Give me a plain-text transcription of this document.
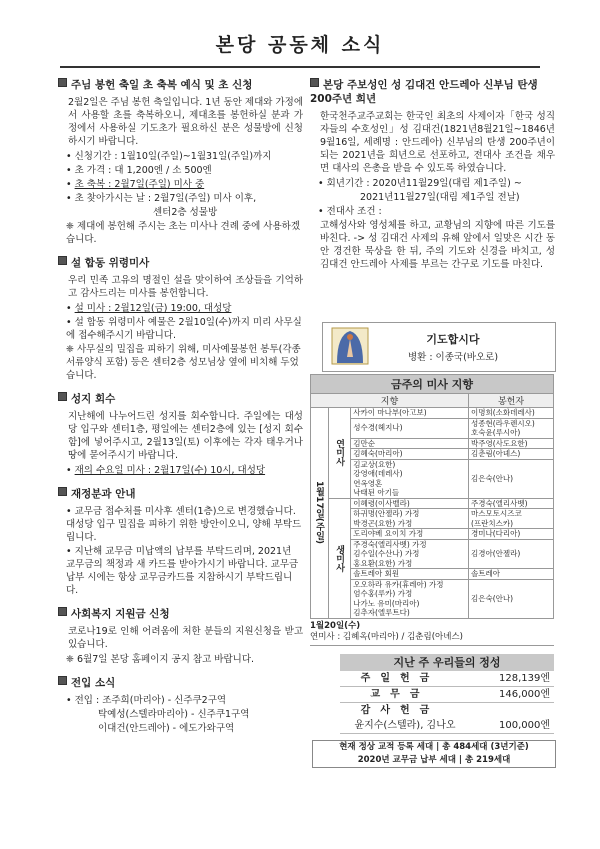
본당 공동체 소식
주님 봉헌 축일 초 축복 예식 및 초 신청
2월2일은 주님 봉헌 축일입니다. 1년 동안 제대와 가정에서 사용할 초를 축복하오니, 제대초를 봉헌하실 분과 가정에서 사용하실 기도초가 필요하신 분은 성물방에 신청하시기 바랍니다.
• 신청기간 : 1월10일(주일)~1월31일(주일)까지
• 초 가격 : 대 1,200엔 / 소 500엔
• 초 축복 : 2월7일(주일) 미사 중
• 초 찾아가시는 날 : 2월7일(주일) 미사 이후,
센터2층 성물방
❈ 제대에 봉헌해 주시는 초는 미사나 견례 중에 사용하겠습니다.
설 합동 위령미사
우리 민족 고유의 명절인 설을 맞이하여 조상들을 기억하고 감사드리는 미사를 봉헌합니다.
• 설 미사 : 2월12일(금) 19:00, 대성당
• 설 합동 위령미사 예물은 2월10일(수)까지 미리 사무실에 접수해주시기 바랍니다.
❈ 사무실의 밀집을 피하기 위해, 미사예물봉헌 봉투(각종 서류양식 포함) 등은 센터2층 성모님상 옆에 비치해 두었습니다.
성지 회수
지난해에 나누어드린 성지를 회수합니다. 주일에는 대성당 입구와 센터1층, 평일에는 센터2층에 있는 [성지 회수함]에 넣어주시고, 2월13일(토) 이후에는 각자 태우거나 땅에 묻어주시기 바랍니다.
• 재의 수요일 미사 : 2월17일(수) 10시, 대성당
재정분과 안내
• 교무금 접수처를 미사후 센터(1층)으로 변경했습니다. 대성당 입구 밀집을 피하기 위한 방안이오니, 양해 부탁드립니다.
• 지난해 교무금 미납액의 납부를 부탁드리며, 2021년 교무금의 책정과 새 카드를 받아가시기 바랍니다. 교무금 납부 시에는 항상 교무금카드를 지참하시기 부탁드립니다.
사회복지 지원금 신청
코로나19로 인해 어려움에 처한 분들의 지원신청을 받고 있습니다.
❈ 6월7일 본당 홈페이지 공지 참고 바랍니다.
전입 소식
• 전입 : 조주희(마리아) - 신주쿠2구역
탁예성(스텔라마리아) - 신주쿠1구역
이대건(안드레아) - 에도가와구역
본당 주보성인 성 김대건 안드레아 신부님 탄생 200주년 희년
한국천주교주교회는 한국인 최초의 사제이자「한국 성직자들의 수호성인」성 김대건(1821년8월21일~1846년9월16일, 세례명 : 안드레아) 신부님의 탄생 200주년이 되는 2021년을 희년으로 선포하고, 전대사 조건을 채우면 대사의 은총을 받을 수 있도록 하였습니다.
• 회년기간 : 2020년11월29일(대림 제1주일) ~
2021년11월27일(대림 제1주일 전날)
• 전대사 조건 :
고해성사와 영성체를 하고, 교황님의 지향에 따른 기도를 바친다. -> 성 김대건 사제의 유해 앞에서 일맞은 시간 동안 경건한 묵상을 한 뒤, 주의 기도와 신경을 바치고, 성 김대건 안드레아 사제를 부르는 간구로 기도를 마친다.
기도합시다
병환 : 이종국(바오로)
금주의 미사 지향			
지향			봉헌자
1월17일(주일)	연미사	사카이 마나부(아고보)	이명희(소화데레사)
		성수경(헤지나)	성종현(라우렌시오)
호숙윤(루시아)
		김만순	박주영(사도요한)
		김혜숙(마리아)	김춘림(아녜스)
		김교상(요한)
강영애(데레사)
연옥영혼
낙태된 아기들	김은숙(안나)
	생미사	이혜령(이사벨라)	주경숙(엘리사벳)
		하귀명(안젤라) 가정
박경곤(요한) 가정	마스모토시즈코
(프란치스카)
		도리야베 요이치 가정	경미나(다리아)
		주경숙(엘리사벳) 가정
김수일(수산나) 가정
홍요환(요한) 가정	김경아(안젤라)
		솔트레아 회원	솔트레아
		오오하라 유카(휴레아) 가정
엄수홍(루카) 가정
나가노 유미(마리아)
김추자(엘루트다)	김은숙(안나)
1월20일(수)
연미사 : 김혜옥(마리아) / 김춘림(아녜스)
지난 주 우리들의 정성
주일헌금	128,139엔
교무금	146,000엔
감사헌금
윤지수(스텔라), 김나오	100,000엔
현재 정상 교적 등록 세대 | 총 484세대 (3년기준)
2020년 교무금 납부 세대 | 총 219세대
